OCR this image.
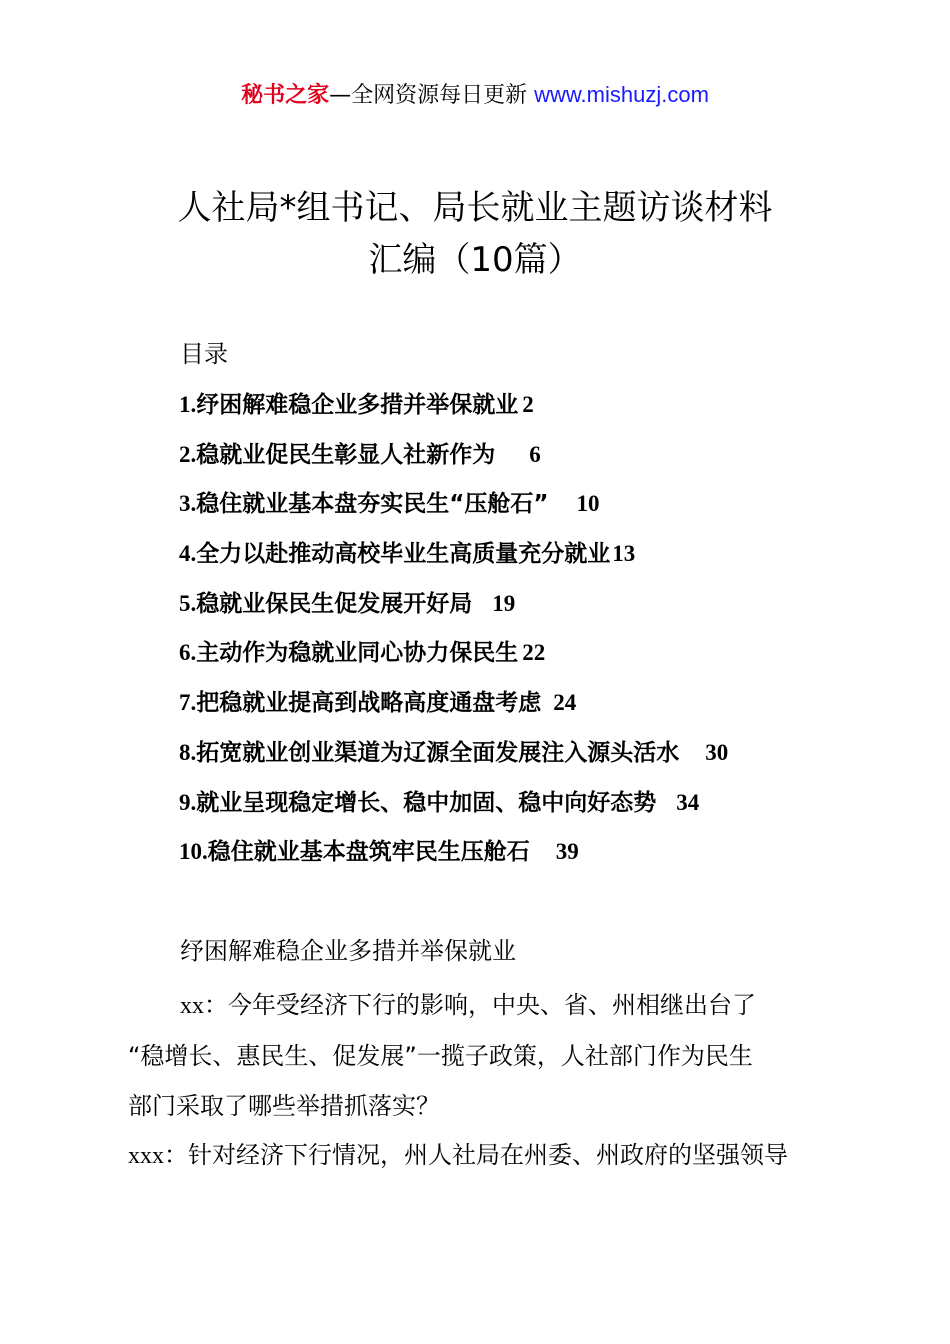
秘书之家—全网资源每日更新 www.mishuzj.com
人社局*组书记、局长就业主题访谈材料
汇编（10篇）
目录
1.纾困解难稳企业多措并举保就业 2
2.稳就业促民生彰显人社新作为 6
3.稳住就业基本盘夯实民生“压舱石” 10
4.全力以赴推动高校毕业生高质量充分就业13
5.稳就业保民生促发展开好局 19
6.主动作为稳就业同心协力保民生 22
7.把稳就业提高到战略高度通盘考虑 24
8.拓宽就业创业渠道为辽源全面发展注入源头活水 30
9.就业呈现稳定增长、稳中加固、稳中向好态势 34
10.稳住就业基本盘筑牢民生压舱石 39
纾困解难稳企业多措并举保就业
xx：今年受经济下行的影响，中央、省、州相继出台了
“稳增长、惠民生、促发展”一揽子政策，人社部门作为民生
部门采取了哪些举措抓落实？
xxx：针对经济下行情况，州人社局在州委、州政府的坚强领导
